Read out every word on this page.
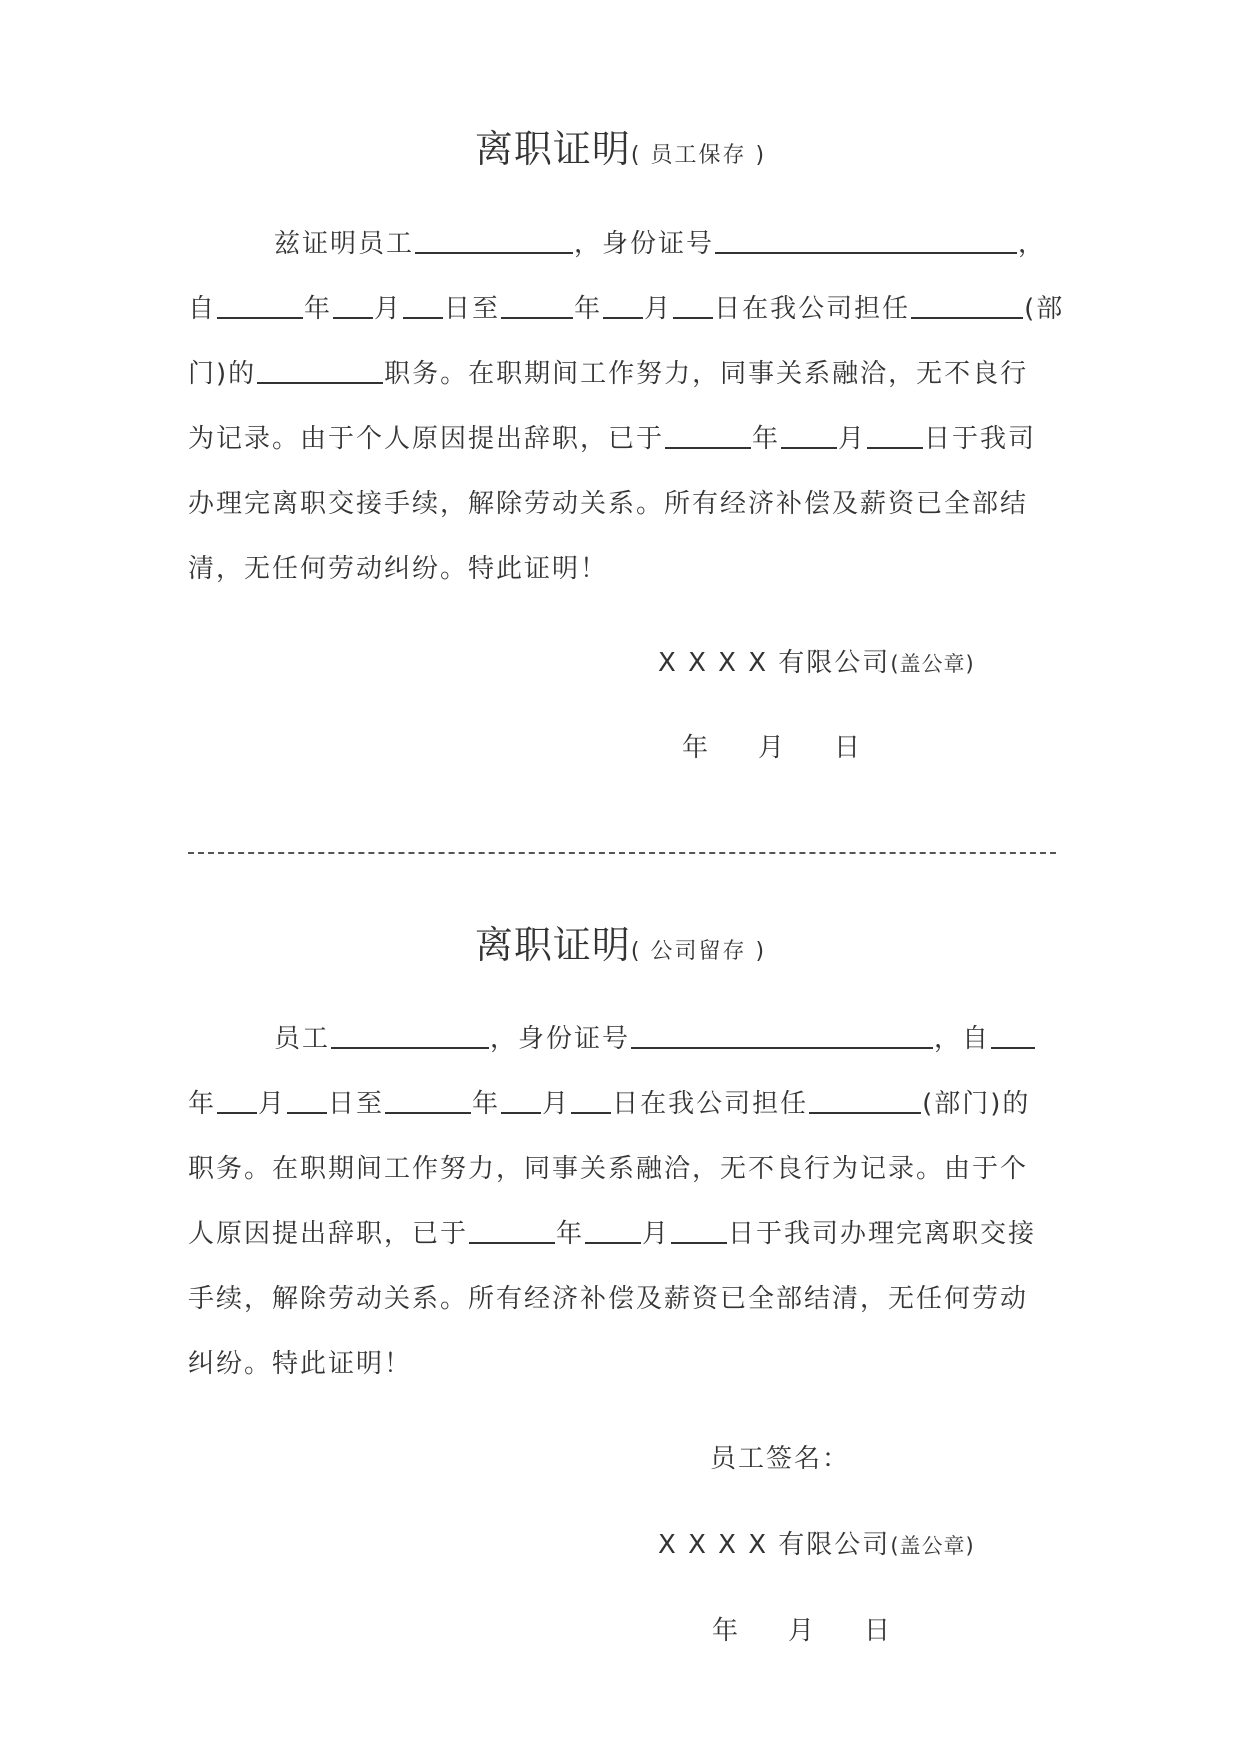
离职证明( 员工保存 )
兹证明员工	，身份证号	，
自	年 月 日至	年 月 日在我公司担任	(部
门)的	职务。在职期间工作努力，同事关系融洽，无不良行
为记录。由于个人原因提出辞职，已于	年 月 日于我司
办理完离职交接手续，解除劳动关系。所有经济补偿及薪资已全部结
清，无任何劳动纠纷。特此证明！
X X X X 有限公司(盖公章)
年 月 日
离职证明( 公司留存 )
员工	，身份证号	，自
年 月 日至	年 月 日在我公司担任	(部门)的
职务。在职期间工作努力，同事关系融洽，无不良行为记录。由于个
人原因提出辞职，已于	年 月 日于我司办理完离职交接
手续，解除劳动关系。所有经济补偿及薪资已全部结清，无任何劳动
纠纷。特此证明！
员工签名：
X X X X 有限公司(盖公章)
年 月 日
